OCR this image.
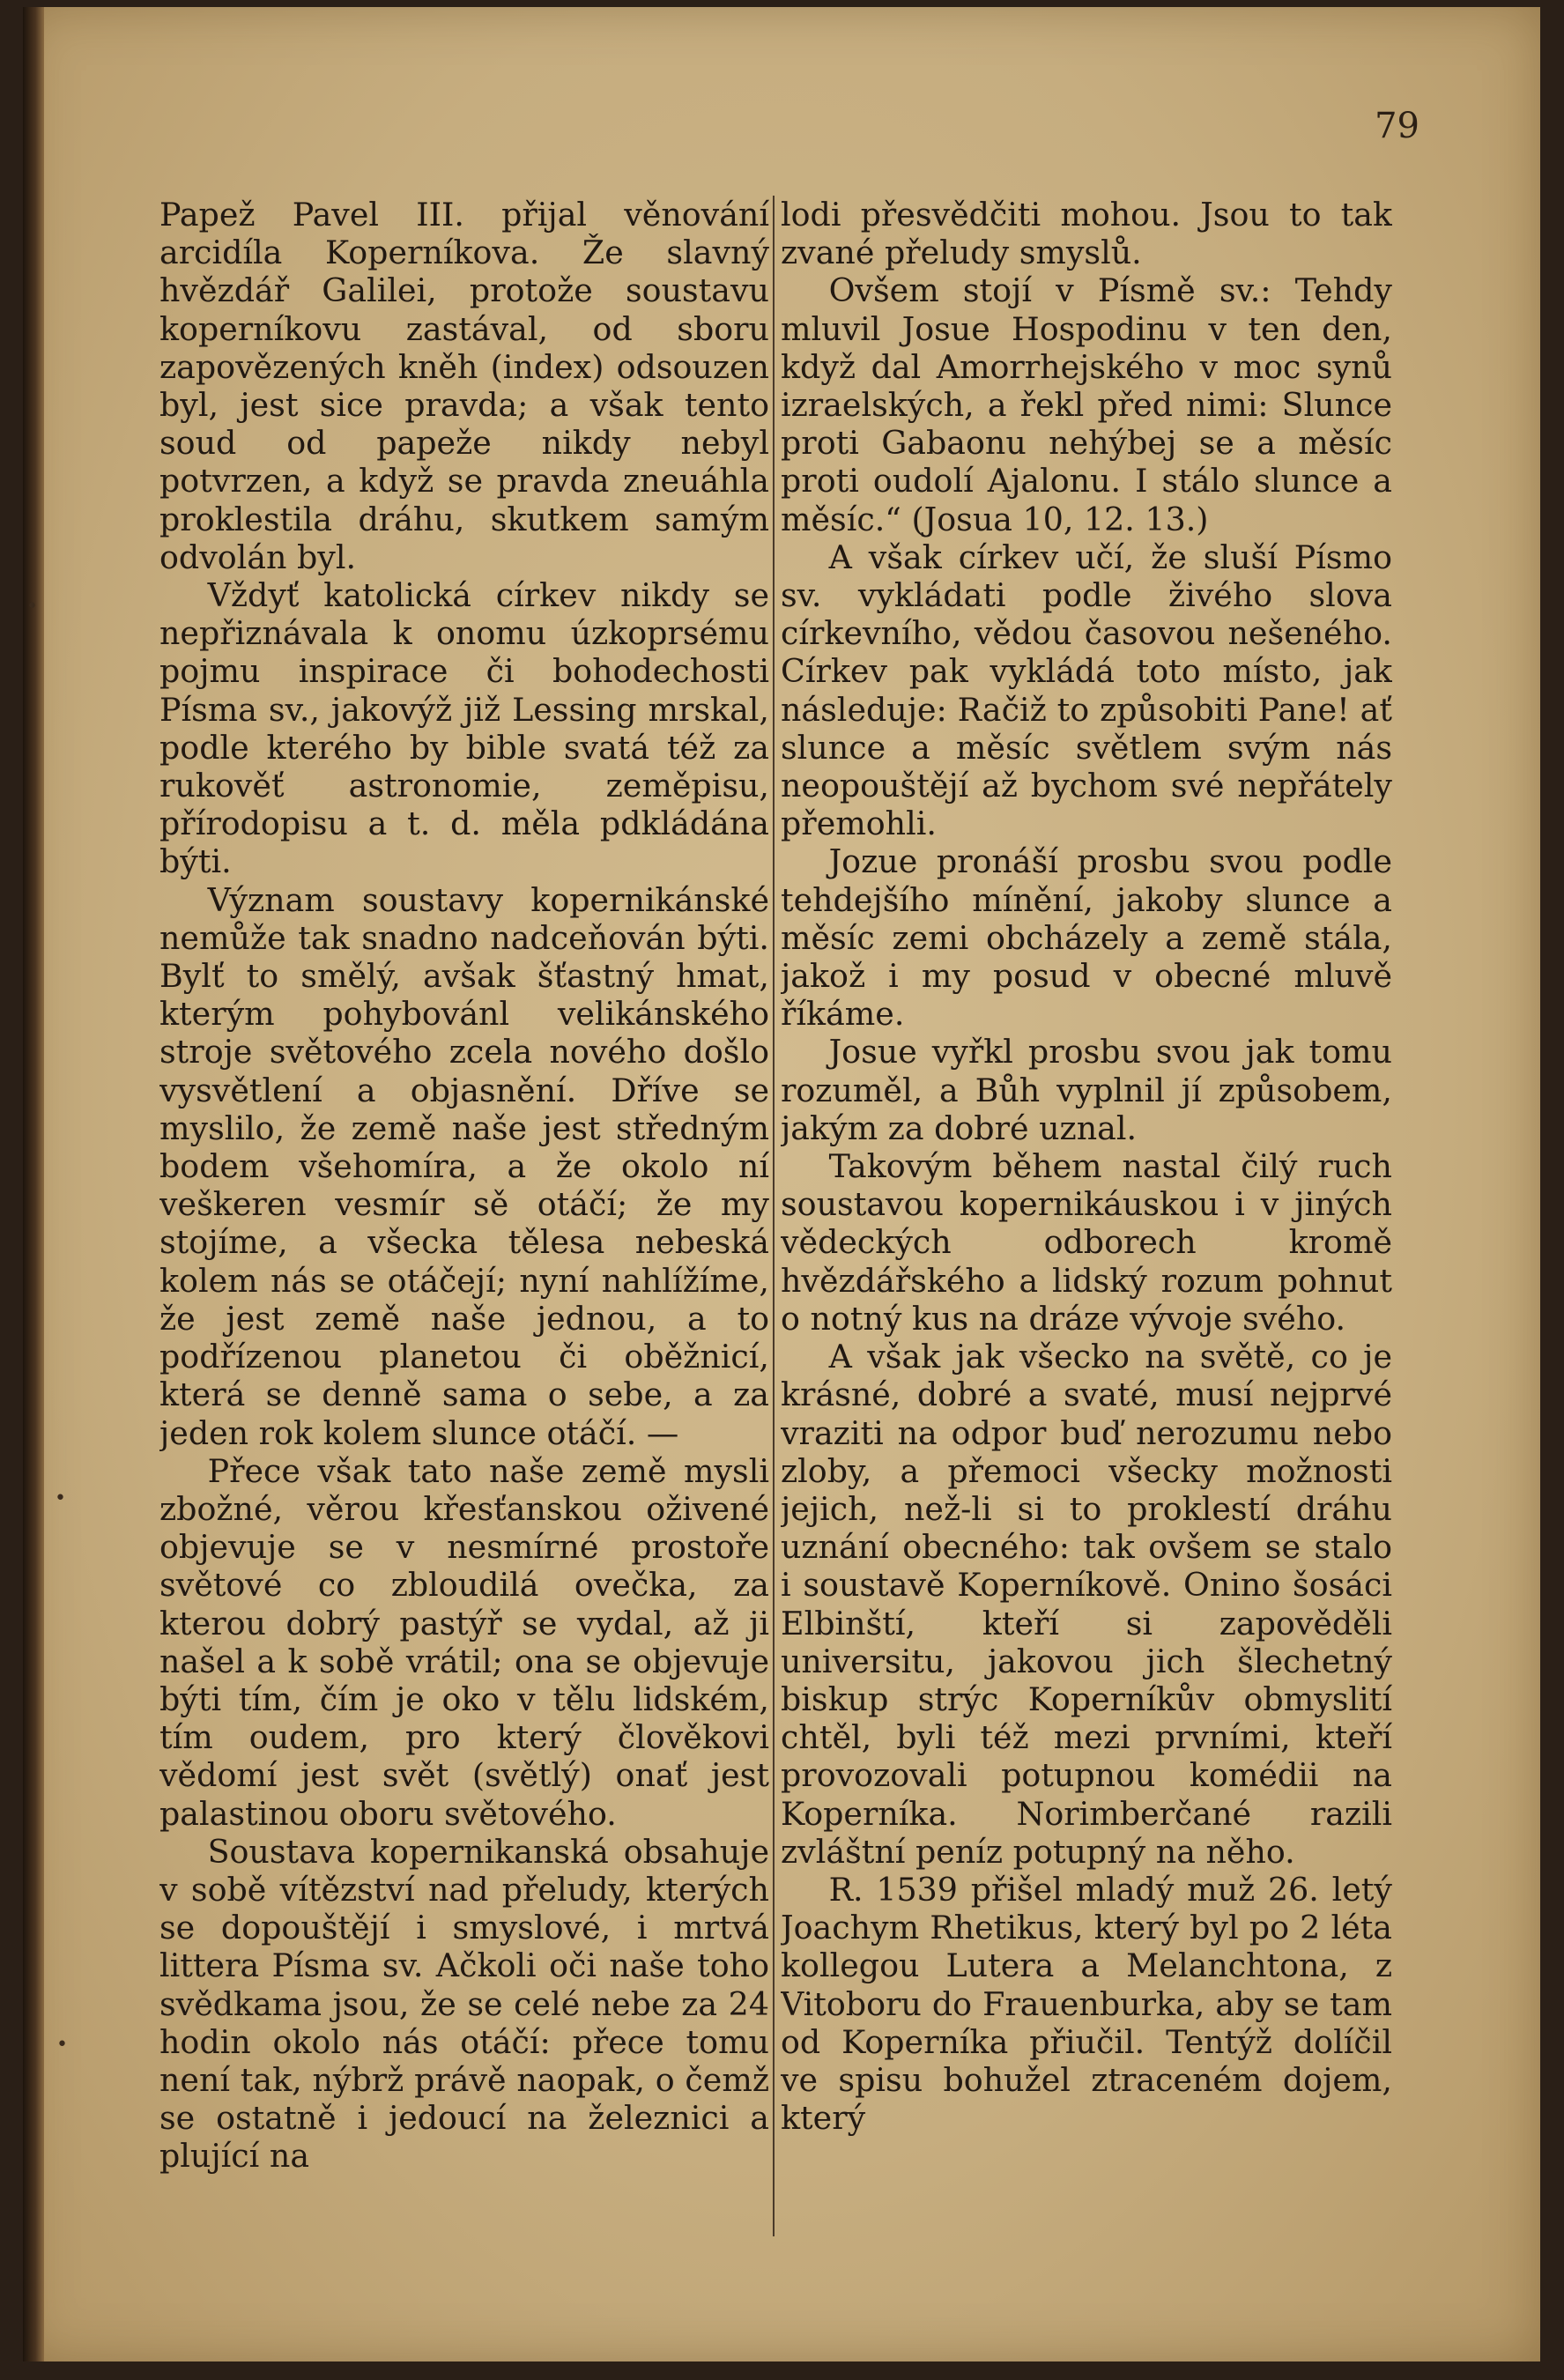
79

Papež Pavel III. přijal věnování arcidíla Koperníkova. Že slavný hvězdář Galilei, protože soustavu koperníkovu zastával, od sboru zapovězených kněh (index) odsouzen byl, jest sice pravda; a však tento soud od papeže nikdy nebyl potvrzen, a když se pravda zneuáhla proklestila dráhu, skutkem samým odvolán byl.

Vždyť katolická církev nikdy se nepřiznávala k onomu úzkoprsému pojmu inspirace či bohodechosti Písma sv., jakovýž již Lessing mrskal, podle kterého by bible svatá též za rukověť astronomie, zeměpisu, přírodopisu a t. d. měla pdkládána býti.

Význam soustavy kopernikánské nemůže tak snadno nadceňován býti. Bylť to smělý, avšak šťastný hmat, kterým pohybovánl velikánského stroje světového zcela nového došlo vysvětlení a objasnění. Dříve se myslilo, že země naše jest středným bodem všehomíra, a že okolo ní veškeren vesmír sě otáčí; že my stojíme, a všecka tělesa nebeská kolem nás se otáčejí; nyní nahlížíme, že jest země naše jednou, a to podřízenou planetou či oběžnicí, která se denně sama o sebe, a za jeden rok kolem slunce otáčí. —

Přece však tato naše země mysli zbožné, věrou křesťanskou oživené objevuje se v nesmírné prostoře světové co zbloudilá ovečka, za kterou dobrý pastýř se vydal, až ji našel a k sobě vrátil; ona se objevuje býti tím, čím je oko v tělu lidském, tím oudem, pro který člověkovi vědomí jest svět (světlý) onať jest palastinou oboru světového.

Soustava kopernikanská obsahuje v sobě vítězství nad přeludy, kterých se dopouštějí i smyslové, i mrtvá littera Písma sv. Ačkoli oči naše toho svědkama jsou, že se celé nebe za 24 hodin okolo nás otáčí: přece tomu není tak, nýbrž právě naopak, o čemž se ostatně i jedoucí na železnici a plující na

lodi přesvědčiti mohou. Jsou to tak zvané přeludy smyslů.

Ovšem stojí v Písmě sv.: Tehdy mluvil Josue Hospodinu v ten den, když dal Amorrhejského v moc synů izraelských, a řekl před nimi: Slunce proti Gabaonu nehýbej se a měsíc proti oudolí Ajalonu. I stálo slunce a měsíc.“ (Josua 10, 12. 13.)

A však církev učí, že sluší Písmo sv. vykládati podle živého slova církevního, vědou časovou nešeného. Církev pak vykládá toto místo, jak následuje: Račiž to způsobiti Pane! ať slunce a měsíc světlem svým nás neopouštějí až bychom své nepřátely přemohli.

Jozue pronáší prosbu svou podle tehdejšího mínění, jakoby slunce a měsíc zemi obcházely a země stála, jakož i my posud v obecné mluvě říkáme.

Josue vyřkl prosbu svou jak tomu rozuměl, a Bůh vyplnil jí způsobem, jakým za dobré uznal.

Takovým během nastal čilý ruch soustavou kopernikáuskou i v jiných vědeckých odborech kromě hvězdářského a lidský rozum pohnut o notný kus na dráze vývoje svého.

A však jak všecko na světě, co je krásné, dobré a svaté, musí nejprvé vraziti na odpor buď nerozumu nebo zloby, a přemoci všecky možnosti jejich, než-li si to proklestí dráhu uznání obecného: tak ovšem se stalo i soustavě Koperníkově. Onino šosáci Elbinští, kteří si zapověděli universitu, jakovou jich šlechetný biskup strýc Koperníkův obmyslití chtěl, byli též mezi prvními, kteří provozovali potupnou komédii na Koperníka. Norimberčané razili zvláštní peníz potupný na něho.

R. 1539 přišel mladý muž 26. letý Joachym Rhetikus, který byl po 2 léta kollegou Lutera a Melanchtona, z Vitoboru do Frauenburka, aby se tam od Koperníka přiučil. Tentýž dolíčil ve spisu bohužel ztraceném dojem, který

•
•
•
